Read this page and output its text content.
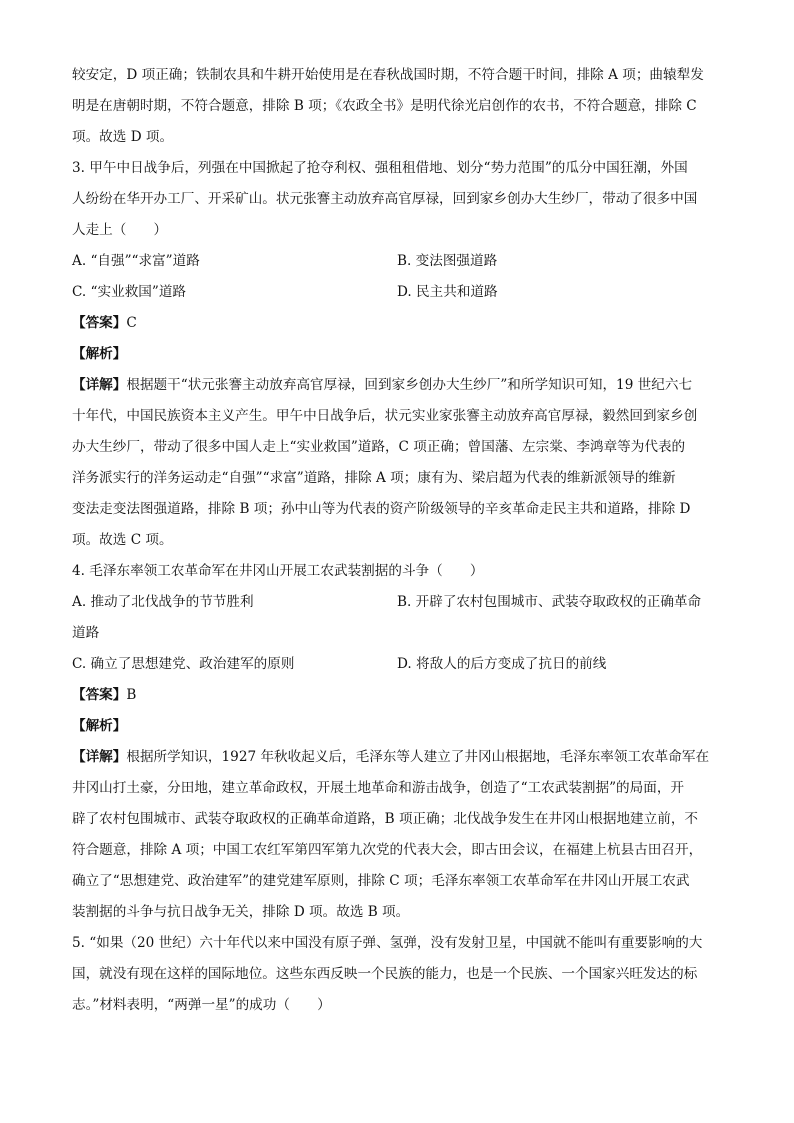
较安定，D 项正确；铁制农具和牛耕开始使用是在春秋战国时期，不符合题干时间，排除 A 项；曲辕犁发
明是在唐朝时期，不符合题意，排除 B 项；《农政全书》是明代徐光启创作的农书，不符合题意，排除 C
项。故选 D 项。
3. 甲午中日战争后，列强在中国掀起了抢夺利权、强租租借地、划分“势力范围”的瓜分中国狂潮，外国
人纷纷在华开办工厂、开采矿山。状元张謇主动放弃高官厚禄，回到家乡创办大生纱厂，带动了很多中国
人走上（　　）
A. “自强”“求富”道路	B. 变法图强道路
C. “实业救国”道路	D. 民主共和道路
【答案】C
【解析】
【详解】根据题干“状元张謇主动放弃高官厚禄，回到家乡创办大生纱厂”和所学知识可知，19 世纪六七
十年代，中国民族资本主义产生。甲午中日战争后，状元实业家张謇主动放弃高官厚禄，毅然回到家乡创
办大生纱厂，带动了很多中国人走上“实业救国”道路，C 项正确；曾国藩、左宗棠、李鸿章等为代表的
洋务派实行的洋务运动走“自强”“求富”道路，排除 A 项；康有为、梁启超为代表的维新派领导的维新
变法走变法图强道路，排除 B 项；孙中山等为代表的资产阶级领导的辛亥革命走民主共和道路，排除 D
项。故选 C 项。
4. 毛泽东率领工农革命军在井冈山开展工农武装割据的斗争（　　）
A. 推动了北伐战争的节节胜利	B. 开辟了农村包围城市、武装夺取政权的正确革命
道路
C. 确立了思想建党、政治建军的原则	D. 将敌人的后方变成了抗日的前线
【答案】B
【解析】
【详解】根据所学知识，1927 年秋收起义后，毛泽东等人建立了井冈山根据地，毛泽东率领工农革命军在
井冈山打土豪，分田地，建立革命政权，开展土地革命和游击战争，创造了“工农武装割据”的局面，开
辟了农村包围城市、武装夺取政权的正确革命道路，B 项正确；北伐战争发生在井冈山根据地建立前，不
符合题意，排除 A 项；中国工农红军第四军第九次党的代表大会，即古田会议，在福建上杭县古田召开，
确立了“思想建党、政治建军”的建党建军原则，排除 C 项；毛泽东率领工农革命军在井冈山开展工农武
装割据的斗争与抗日战争无关，排除 D 项。故选 B 项。
5. “如果（20 世纪）六十年代以来中国没有原子弹、氢弹，没有发射卫星，中国就不能叫有重要影响的大
国，就没有现在这样的国际地位。这些东西反映一个民族的能力，也是一个民族、一个国家兴旺发达的标
志。”材料表明，“两弹一星”的成功（　　）
